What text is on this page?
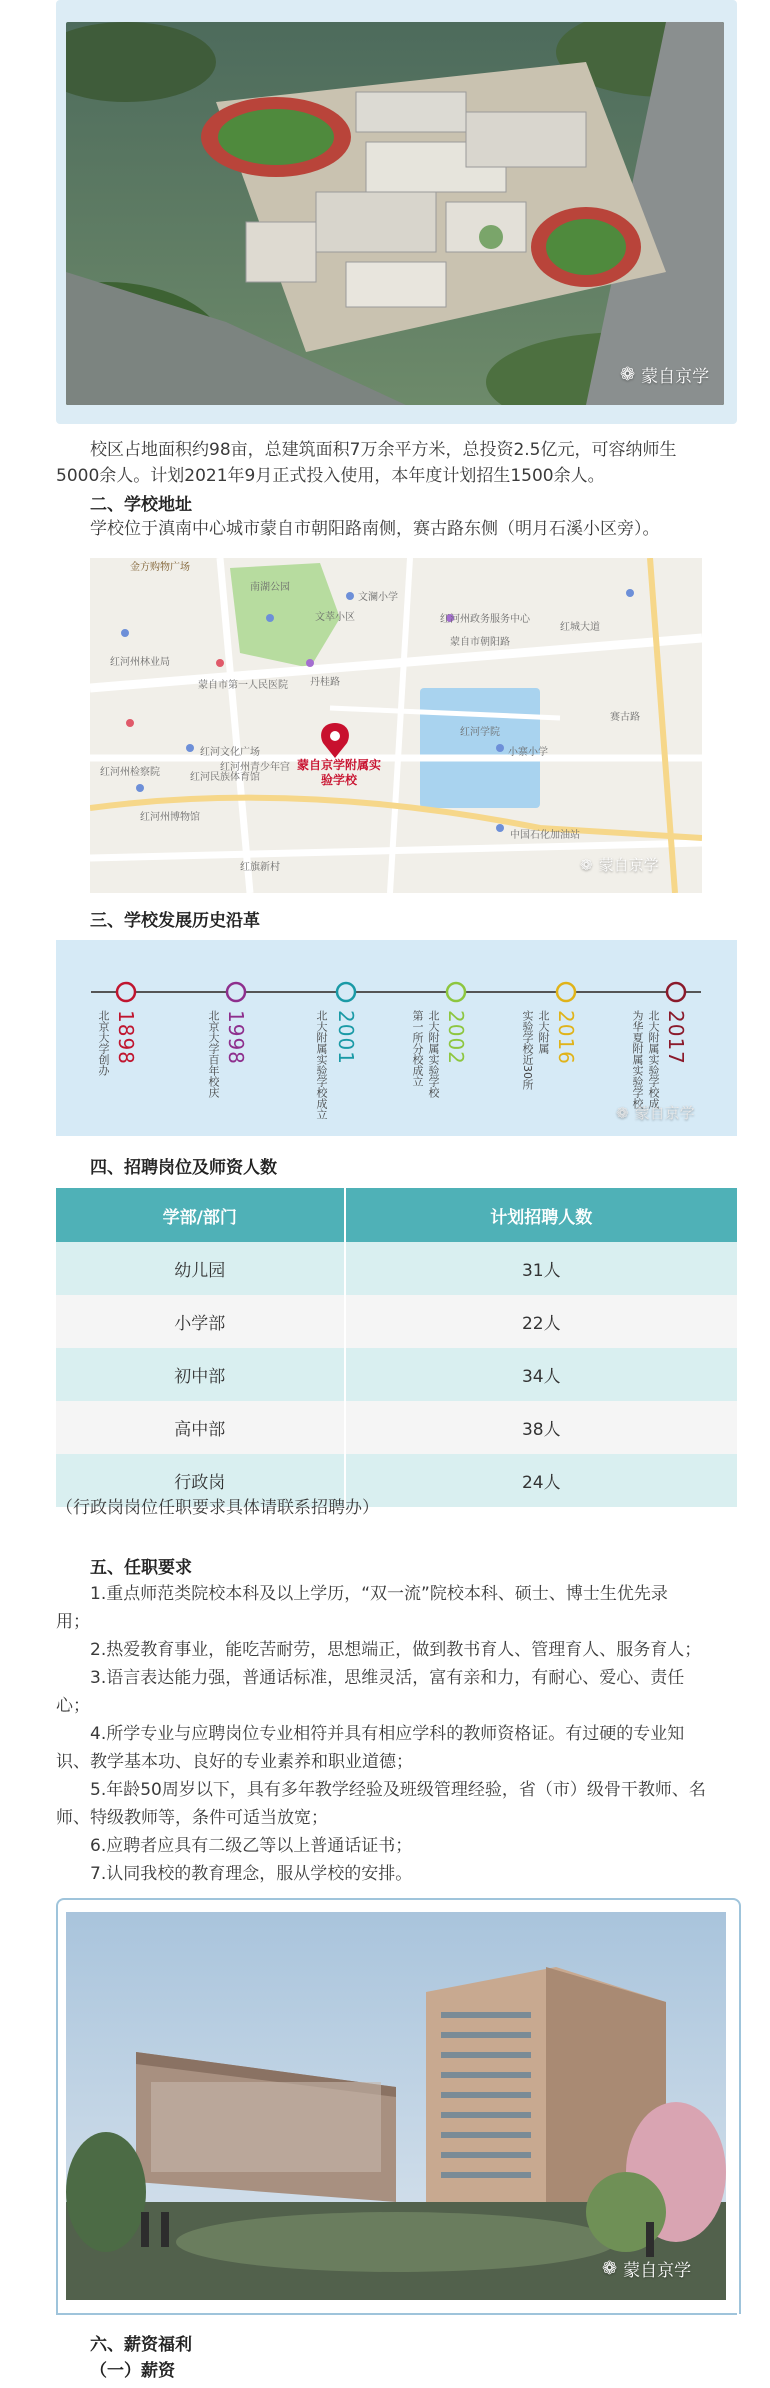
❁ 蒙自京学
校区占地面积约98亩，总建筑面积7万余平方米，总投资2.5亿元，可容纳师生
5000余人。计划2021年9月正式投入使用，本年度计划招生1500余人。
二、学校地址
学校位于滇南中心城市蒙自市朝阳路南侧，赛古路东侧（明月石溪小区旁）。
金方购物广场
红河州林业局
红河州检察院
红河州博物馆
南湖公园
文澜小学
蒙自市第一人民医院
红河民族体育馆
中国石化加油站
红河学院
小寨小学
丹桂路
红城大道
蒙自市朝阳路
赛古路
红河州政务服务中心
红旗新村
文萃小区
红河文化广场
红河州青少年宫 蒙自京学附属实
验学校
❁ 蒙自京学
三、学校发展历史沿革
1898
北京大学创办	1998
北京大学百年校庆	2001
北大附属实验学校成立	2002
北大附属实验学校
第一所分校成立	2016
北大附属
实验学校近30所	2017
北大附属实验学校成
为华夏附属实验学校
❁ 蒙自京学
四、招聘岗位及师资人数
学部/部门	计划招聘人数
幼儿园	31人
小学部	22人
初中部	34人
高中部	38人
行政岗	24人
（行政岗岗位任职要求具体请联系招聘办）
五、任职要求
1.重点师范类院校本科及以上学历，“双一流”院校本科、硕士、博士生优先录
用；
2.热爱教育事业，能吃苦耐劳，思想端正，做到教书育人、管理育人、服务育人；
3.语言表达能力强，普通话标准，思维灵活，富有亲和力，有耐心、爱心、责任
心；
4.所学专业与应聘岗位专业相符并具有相应学科的教师资格证。有过硬的专业知
识、教学基本功、良好的专业素养和职业道德；
5.年龄50周岁以下，具有多年教学经验及班级管理经验，省（市）级骨干教师、名
师、特级教师等，条件可适当放宽；
6.应聘者应具有二级乙等以上普通话证书；
7.认同我校的教育理念，服从学校的安排。
❁ 蒙自京学
六、薪资福利
（一）薪资
